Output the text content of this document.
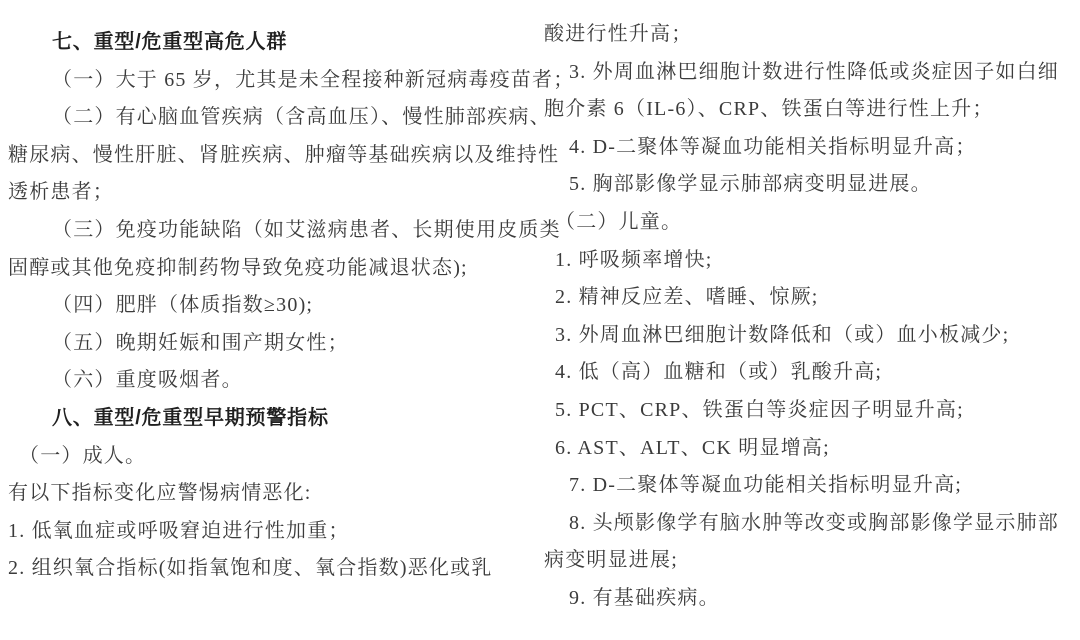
七、重型/危重型高危人群

（一）大于 65 岁，尤其是未全程接种新冠病毒疫苗者；

（二）有心脑血管疾病（含高血压）、慢性肺部疾病、

糖尿病、慢性肝脏、肾脏疾病、肿瘤等基础疾病以及维持性

透析患者；

（三）免疫功能缺陷（如艾滋病患者、长期使用皮质类

固醇或其他免疫抑制药物导致免疫功能减退状态);

（四）肥胖（体质指数≥30);

（五）晚期妊娠和围产期女性；

（六）重度吸烟者。

八、重型/危重型早期预警指标

（一）成人。

有以下指标变化应警惕病情恶化:

1. 低氧血症或呼吸窘迫进行性加重；

2. 组织氧合指标(如指氧饱和度、氧合指数)恶化或乳

酸进行性升高；

3. 外周血淋巴细胞计数进行性降低或炎症因子如白细

胞介素 6（IL-6）、CRP、铁蛋白等进行性上升；

4. D-二聚体等凝血功能相关指标明显升高；

5. 胸部影像学显示肺部病变明显进展。

（二）儿童。

1. 呼吸频率增快;

2. 精神反应差、嗜睡、惊厥;

3. 外周血淋巴细胞计数降低和（或）血小板减少;

4. 低（高）血糖和（或）乳酸升高;

5. PCT、CRP、铁蛋白等炎症因子明显升高;

6. AST、ALT、CK 明显增高;

7. D-二聚体等凝血功能相关指标明显升高;

8. 头颅影像学有脑水肿等改变或胸部影像学显示肺部

病变明显进展;

9. 有基础疾病。
